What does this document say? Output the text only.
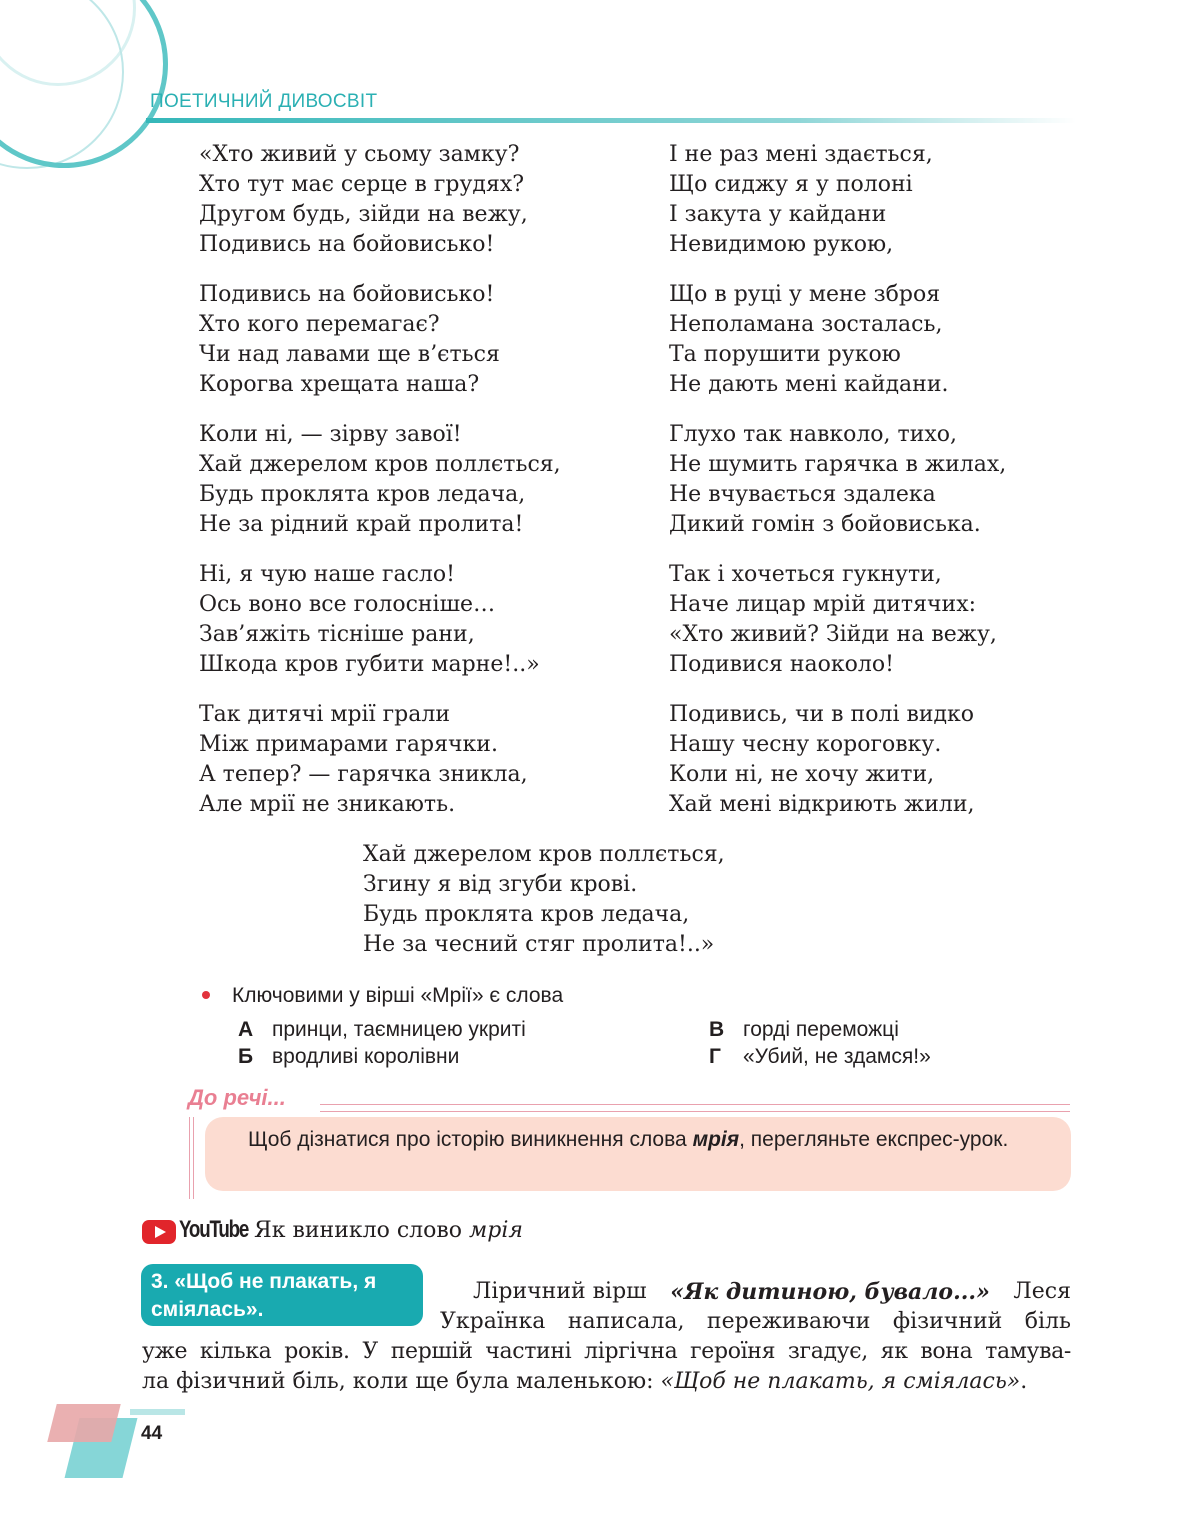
ПОЕТИЧНИЙ ДИВОСВІТ
«Хто живий у сьому замку?
Хто тут має серце в грудях?
Другом будь, зійди на вежу,
Подивись на бойовисько!
Подивись на бойовисько!
Хто кого перемагає?
Чи над лавами ще в’ється
Корогва хрещата наша?
Коли ні, — зірву завої!
Хай джерелом кров поллється,
Будь проклята кров ледача,
Не за рідний край пролита!
Ні, я чую наше гасло!
Ось воно все голосніше…
Зав’яжіть тісніше рани,
Шкода кров губити марне!..»
Так дитячі мрії грали
Між примарами гарячки.
А тепер? — гарячка зникла,
Але мрії не зникають.
І не раз мені здається,
Що сиджу я у полоні
І закута у кайдани
Невидимою рукою,
Що в руці у мене зброя
Неполамана зосталась,
Та порушити рукою
Не дають мені кайдани.
Глухо так навколо, тихо,
Не шумить гарячка в жилах,
Не вчувається здалека
Дикий гомін з бойовиська.
Так і хочеться гукнути,
Наче лицар мрій дитячих:
«Хто живий? Зійди на вежу,
Подивися наоколо!
Подивись, чи в полі видко
Нашу чесну короговку.
Коли ні, не хочу жити,
Хай мені відкриють жили,
Хай джерелом кров поллється,
Згину я від згуби крові.
Будь проклята кров ледача,
Не за чесний стяг пролита!..»
Ключовими у вірші «Мрії» є слова
А принци, таємницею укриті
Б вродливі королівни
В горді переможці
Г «Убий, не здамся!»
До речі...
Щоб дізнатися про історію виникнення слова мрія, перегляньте експрес-урок.
YouTube Як виникло слово мрія
3. «Щоб не плакать, я сміялась».
Ліричний вірш «Як дитиною, бувало...» Леся
Українка написала, переживаючи фізичний біль
уже кілька років. У першій частині ліргічна героїня згадує, як вона тамува-
ла фізичний біль, коли ще була маленькою: «Щоб не плакать, я сміялась».
44
